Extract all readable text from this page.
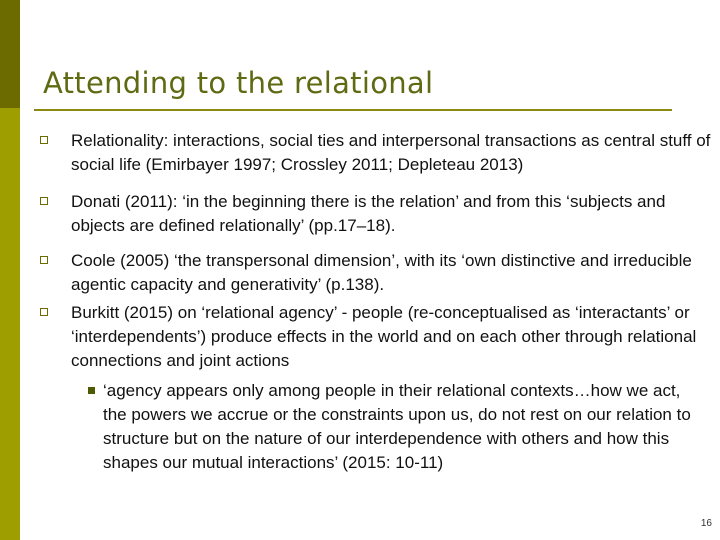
Attending to the relational
Relationality: interactions, social ties and interpersonal transactions as central stuff of social life (Emirbayer 1997; Crossley 2011; Depleteau 2013)
Donati (2011): ‘in the beginning there is the relation’ and from this ‘subjects and objects are defined relationally’ (pp.17–18).
Coole (2005) ‘the transpersonal dimension’, with its ‘own distinctive and irreducible agentic capacity and generativity’ (p.138).
Burkitt (2015) on ‘relational agency’ - people (re-conceptualised as ‘interactants’ or ‘interdependents’) produce effects in the world and on each other through relational connections and joint actions
‘agency appears only among people in their relational contexts…how we act, the powers we accrue or the constraints upon us, do not rest on our relation to structure but on the nature of our interdependence with others and how this shapes our mutual interactions’ (2015: 10-11)
16
